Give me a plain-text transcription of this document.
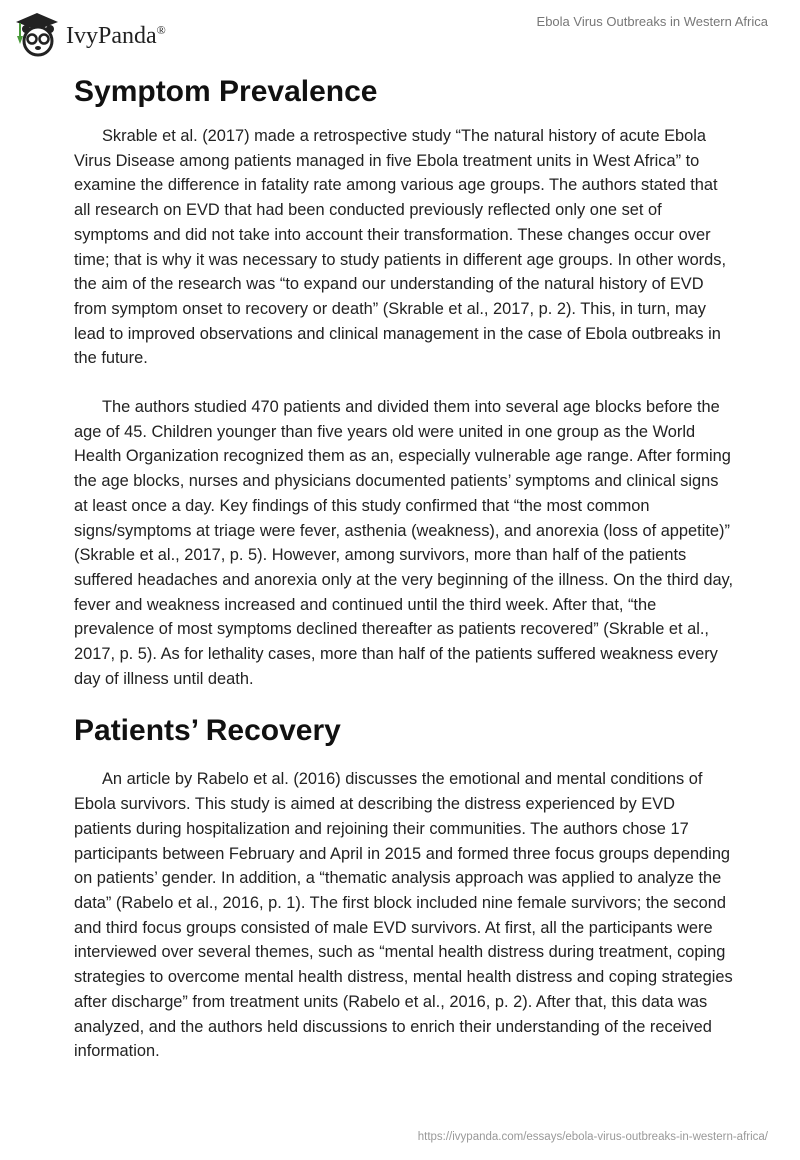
IvyPanda®
Ebola Virus Outbreaks in Western Africa
Symptom Prevalence

Skrable et al. (2017) made a retrospective study “The natural history of acute Ebola Virus Disease among patients managed in five Ebola treatment units in West Africa” to examine the difference in fatality rate among various age groups. The authors stated that all research on EVD that had been conducted previously reflected only one set of symptoms and did not take into account their transformation. These changes occur over time; that is why it was necessary to study patients in different age groups. In other words, the aim of the research was “to expand our understanding of the natural history of EVD from symptom onset to recovery or death” (Skrable et al., 2017, p. 2). This, in turn, may lead to improved observations and clinical management in the case of Ebola outbreaks in the future.

The authors studied 470 patients and divided them into several age blocks before the age of 45. Children younger than five years old were united in one group as the World Health Organization recognized them as an, especially vulnerable age range. After forming the age blocks, nurses and physicians documented patients’ symptoms and clinical signs at least once a day. Key findings of this study confirmed that “the most common signs/symptoms at triage were fever, asthenia (weakness), and anorexia (loss of appetite)” (Skrable et al., 2017, p. 5). However, among survivors, more than half of the patients suffered headaches and anorexia only at the very beginning of the illness. On the third day, fever and weakness increased and continued until the third week. After that, “the prevalence of most symptoms declined thereafter as patients recovered” (Skrable et al., 2017, p. 5). As for lethality cases, more than half of the patients suffered weakness every day of illness until death.

Patients’ Recovery

An article by Rabelo et al. (2016) discusses the emotional and mental conditions of Ebola survivors. This study is aimed at describing the distress experienced by EVD patients during hospitalization and rejoining their communities. The authors chose 17 participants between February and April in 2015 and formed three focus groups depending on patients’ gender. In addition, a “thematic analysis approach was applied to analyze the data” (Rabelo et al., 2016, p. 1). The first block included nine female survivors; the second and third focus groups consisted of male EVD survivors. At first, all the participants were interviewed over several themes, such as “mental health distress during treatment, coping strategies to overcome mental health distress, mental health distress and coping strategies after discharge” from treatment units (Rabelo et al., 2016, p. 2). After that, this data was analyzed, and the authors held discussions to enrich their understanding of the received information.

https://ivypanda.com/essays/ebola-virus-outbreaks-in-western-africa/
